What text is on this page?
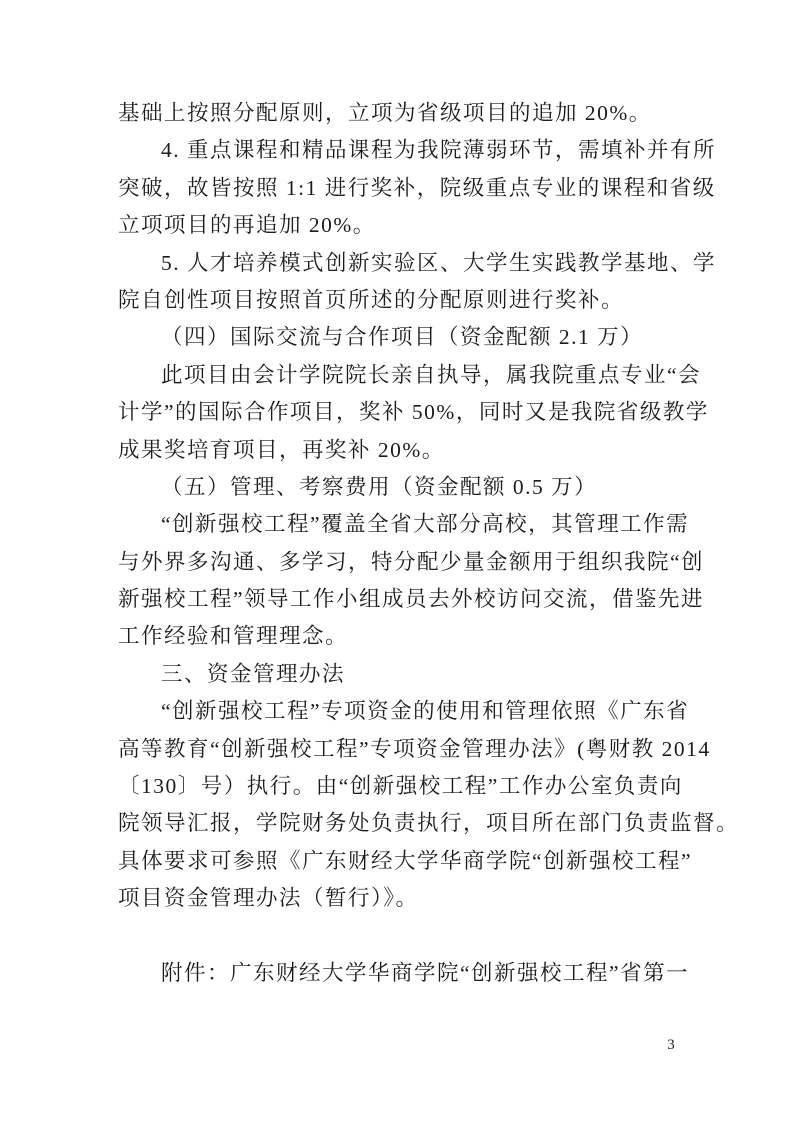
基础上按照分配原则，立项为省级项目的追加 20%。
4. 重点课程和精品课程为我院薄弱环节，需填补并有所
突破，故皆按照 1:1 进行奖补，院级重点专业的课程和省级
立项项目的再追加 20%。
5. 人才培养模式创新实验区、大学生实践教学基地、学
院自创性项目按照首页所述的分配原则进行奖补。
（四）国际交流与合作项目（资金配额 2.1 万）
此项目由会计学院院长亲自执导，属我院重点专业“会
计学”的国际合作项目，奖补 50%，同时又是我院省级教学
成果奖培育项目，再奖补 20%。
（五）管理、考察费用（资金配额 0.5 万）
“创新强校工程”覆盖全省大部分高校，其管理工作需
与外界多沟通、多学习，特分配少量金额用于组织我院“创
新强校工程”领导工作小组成员去外校访问交流，借鉴先进
工作经验和管理理念。
三、资金管理办法
“创新强校工程”专项资金的使用和管理依照《广东省
高等教育“创新强校工程”专项资金管理办法》(粤财教 2014
〔130〕号）执行。由“创新强校工程”工作办公室负责向
院领导汇报，学院财务处负责执行，项目所在部门负责监督。
具体要求可参照《广东财经大学华商学院“创新强校工程”
项目资金管理办法（暂行）》。
附件：广东财经大学华商学院“创新强校工程”省第一
3
